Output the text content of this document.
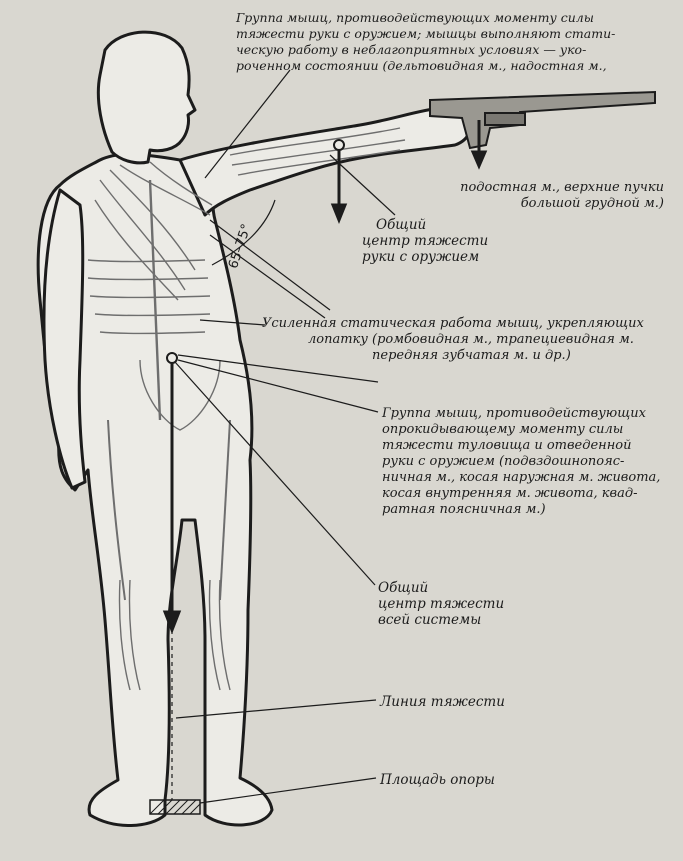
Группа мышц, противодействующих моменту силы
тяжести руки с оружием; мышцы выполняют стати-
ческую работу в неблагоприятных условиях — уко-
роченном состоянии (дельтовидная м., надостная м.,
подостная м., верхние пучки
большой грудной м.)
Общий
центр тяжести
руки с оружием
65–75°
Усиленная статическая работа мышц, укрепляющих
лопатку (ромбовидная м., трапециевидная м.
передняя зубчатая м. и др.)
Группа мышц, противодействующих
опрокидывающему моменту силы
тяжести туловища и отведенной
руки с оружием (подвздошнопояс-
ничная м., косая наружная м. живота,
косая внутренняя м. живота, квад-
ратная поясничная м.)
Общий
центр тяжести
всей системы
Линия тяжести
Площадь опоры
